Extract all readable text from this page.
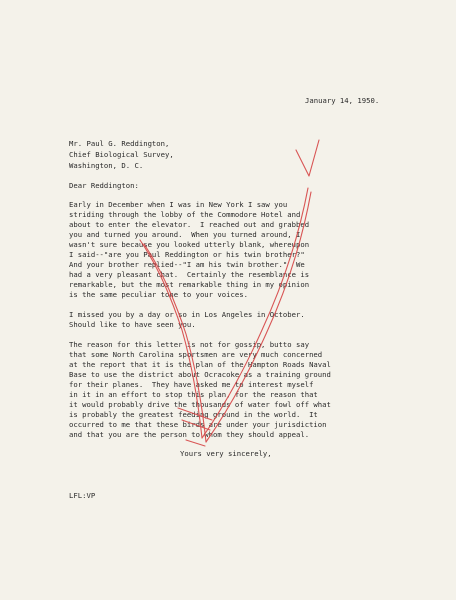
January 14, 1950.
Mr. Paul G. Reddington,
Chief Biological Survey,
Washington, D. C.
Dear Reddington:
Early in December when I was in New York I saw you
striding through the lobby of the Commodore Hotel and
about to enter the elevator.  I reached out and grabbed
you and turned you around.  When you turned around, I
wasn't sure because you looked utterly blank, whereupon
I said--"are you Paul Reddington or his twin brother?"
And your brother replied--"I am his twin brother."  We
had a very pleasant chat.  Certainly the resemblance is
remarkable, but the most remarkable thing in my opinion
is the same peculiar tone to your voices.
I missed you by a day or so in Los Angeles in October.
Should like to have seen you.
The reason for this letter is not for gossip, butto say
that some North Carolina sportsmen are very much concerned
at the report that it is the plan of the Hampton Roads Naval
Base to use the district about Ocracoke as a training ground
for their planes.  They have asked me to interest myself
in it in an effort to stop this plan, for the reason that
it would probably drive the thousands of water fowl off what
is probably the greatest feeding ground in the world.  It
occurred to me that these birds are under your jurisdiction
and that you are the person to whom they should appeal.
Yours very sincerely,
LFL:VP
